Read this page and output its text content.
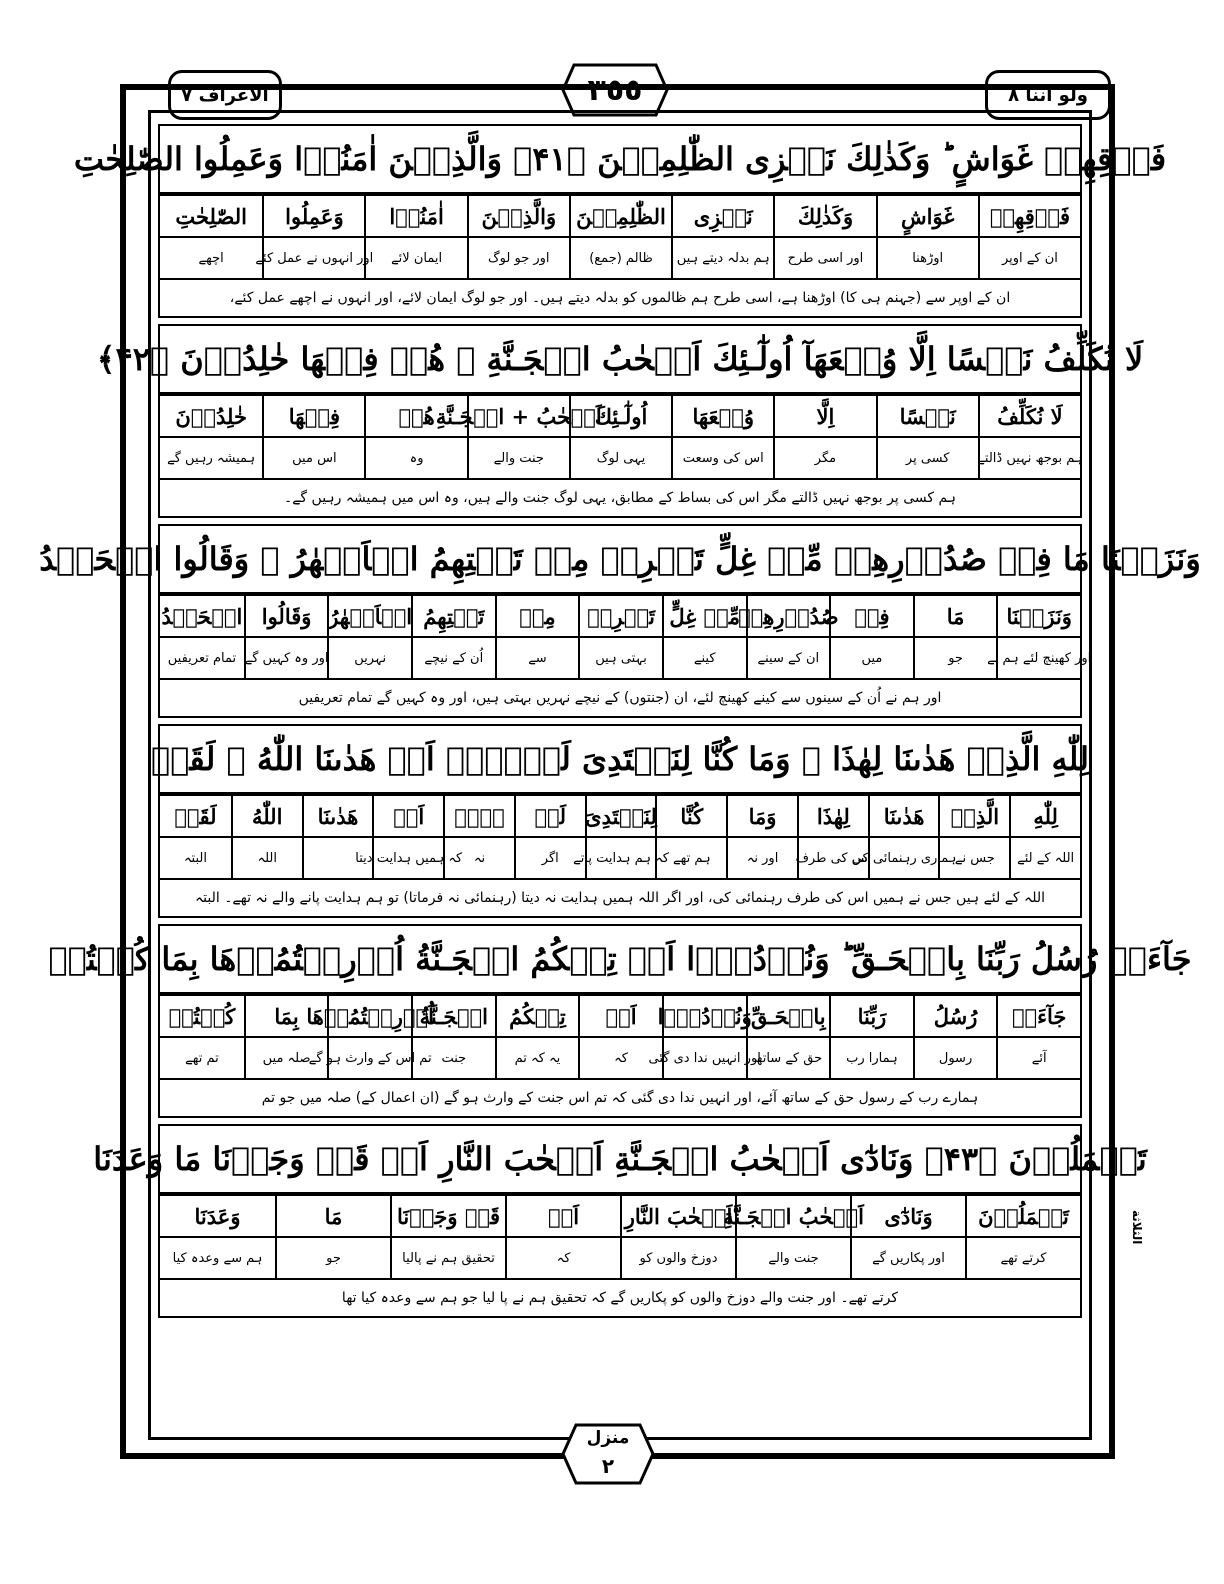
ولو اننا ٨
٣٥٥
الاعراف ٧
فَوۡقِهِمۡ غَوَاشٍ ؕ وَكَذٰلِكَ نَجۡزِى الظّٰلِمِيۡنَ ﴿۴۱﴾ وَالَّذِيۡنَ اٰمَنُوۡا وَعَمِلُوا الصّٰلِحٰتِ
فَوۡقِهِمۡ
غَوَاشٍ
وَكَذٰلِكَ
نَجۡزِى
الظّٰلِمِيۡنَ
وَالَّذِيۡنَ
اٰمَنُوۡا
وَعَمِلُوا
الصّٰلِحٰتِ
ان کے اوپر
اوڑھنا
اور اسی طرح
ہم بدلہ دیتے ہیں
ظالم (جمع)
اور جو لوگ
ایمان لائے
اور انہوں نے عمل کئے
اچھے
ان کے اوپر سے (جہنم ہی کا) اوڑھنا ہے، اسی طرح ہم ظالموں کو بدلہ دیتے ہیں۔ اور جو لوگ ایمان لائے، اور انہوں نے اچھے عمل کئے،
لَا نُكَلِّفُ نَفۡسًا اِلَّا وُسۡعَهَآ اُولٰٓـئِكَ اَصۡحٰبُ الۡجَـنَّةِ ۚ هُمۡ فِيۡهَا خٰلِدُوۡنَ ﴿۴۲﴾
لَا نُكَلِّفُ
نَفۡسًا
اِلَّا
وُسۡعَهَا
اُولٰٓـئِكَ
اَصۡحٰبُ + الۡجَـنَّةِ
هُمۡ
فِيۡهَا
خٰلِدُوۡنَ
ہم بوجھ نہیں ڈالتے
کسی پر
مگر
اس کی وسعت
یہی لوگ
جنت والے
وہ
اس میں
ہمیشہ رہیں گے
ہم کسی پر بوجھ نہیں ڈالتے مگر اس کی بساط کے مطابق، یہی لوگ جنت والے ہیں، وہ اس میں ہمیشہ رہیں گے۔
وَنَزَعۡنَا مَا فِىۡ صُدُوۡرِهِمۡ مِّنۡ غِلٍّ تَجۡرِىۡ مِنۡ تَحۡتِهِمُ الۡاَنۡهٰرُ ۚ وَقَالُوا الۡحَمۡدُ
وَنَزَعۡنَا
مَا
فِىۡ
صُدُوۡرِهِمۡ
مِّنۡ غِلٍّ
تَجۡرِىۡ
مِنۡ
تَحۡتِهِمُ
الۡاَنۡهٰرُ
وَقَالُوا
الۡحَمۡدُ
اور کھینچ لئے ہم نے
جو
میں
ان کے سینے
کینے
بہتی ہیں
سے
اُن کے نیچے
نہریں
اور وہ کہیں گے
تمام تعریفیں
اور ہم نے اُن کے سینوں سے کینے کھینچ لئے، ان (جنتوں) کے نیچے نہریں بہتی ہیں، اور وہ کہیں گے تمام تعریفیں
لِلّٰهِ الَّذِىۡ هَدٰٮنَا لِهٰذَا ۚ وَمَا كُنَّا لِنَهۡتَدِىَ لَوۡلَاۤ اَنۡ هَدٰٮنَا اللّٰهُ ۚ لَقَدۡ
لِلّٰهِ
الَّذِىۡ
هَدٰٮنَا
لِهٰذَا
وَمَا
كُنَّا
لِنَهۡتَدِىَ
لَوۡ
لَاۤ
اَنۡ
هَدٰٮنَا
اللّٰهُ
لَقَدۡ
اللہ کے لئے
جس نے
ہماری رہنمائی کی
اس کی طرف
اور نہ
ہم تھے
کہ ہم ہدایت پاتے
اگر
نہ
کہ ہمیں ہدایت دیتا
اللہ
البتہ
اللہ کے لئے ہیں جس نے ہمیں اس کی طرف رہنمائی کی، اور اگر اللہ ہمیں ہدایت نہ دیتا (رہنمائی نہ فرماتا) تو ہم ہدایت پانے والے نہ تھے۔ البتہ
جَآءَتۡ رُسُلُ رَبِّنَا بِالۡحَـقِّ ؕ وَنُوۡدُوۡۤا اَنۡ تِلۡكُمُ الۡجَـنَّةُ اُوۡرِثۡتُمُوۡهَا بِمَا كُنۡتُمۡ
جَآءَتۡ
رُسُلُ
رَبِّنَا
بِالۡحَـقِّ
وَنُوۡدُوۡۤا
اَنۡ
تِلۡكُمُ
الۡجَـنَّةُ
اُوۡرِثۡتُمُوۡهَا
بِمَا
كُنۡتُمۡ
آئے
رسول
ہمارا رب
حق کے ساتھ
اور انہیں ندا دی گئی
کہ
یہ کہ تم
جنت
تم اس کے وارث ہو گے
صلہ میں
تم تھے
ہمارے رب کے رسول حق کے ساتھ آئے، اور انہیں ندا دی گئی کہ تم اس جنت کے وارث ہو گے (ان اعمال کے) صلہ میں جو تم
تَعۡمَلُوۡنَ ﴿۴۳﴾ وَنَادٰٓى اَصۡحٰبُ الۡجَـنَّةِ اَصۡحٰبَ النَّارِ اَنۡ قَدۡ وَجَدۡنَا مَا وَعَدَنَا
تَعۡمَلُوۡنَ
وَنَادٰٓى
اَصۡحٰبُ الۡجَـنَّةِ
اَصۡحٰبَ النَّارِ
اَنۡ
قَدۡ وَجَدۡنَا
مَا
وَعَدَنَا
کرتے تھے
اور پکاریں گے
جنت والے
دوزخ والوں کو
کہ
تحقیق ہم نے پالیا
جو
ہم سے وعدہ کیا
کرتے تھے۔ اور جنت والے دوزخ والوں کو پکاریں گے کہ تحقیق ہم نے پا لیا جو ہم سے وعدہ کیا تھا
الثلاثة
منزل
٢
